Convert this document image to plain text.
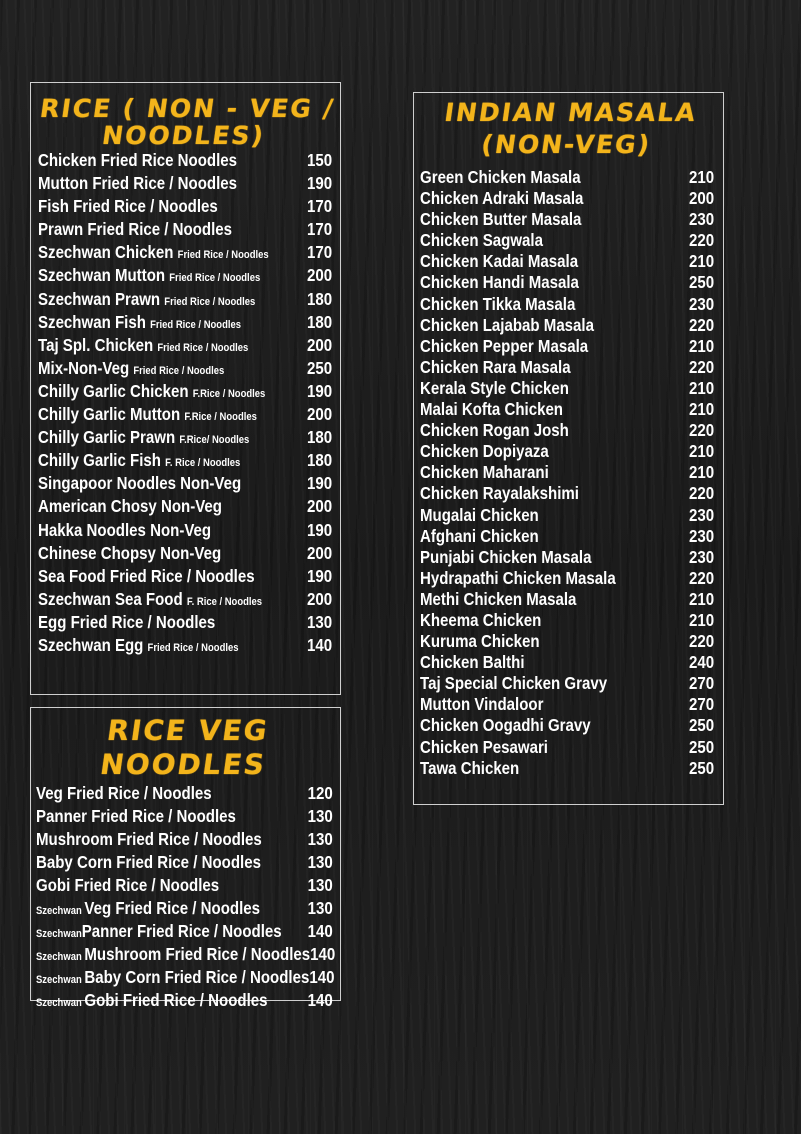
RICE ( NON - VEG /
NOODLES)
Chicken Fried Rice Noodles	150
Mutton Fried Rice / Noodles	190
Fish Fried Rice / Noodles	170
Prawn Fried Rice / Noodles	170
Szechwan Chicken Fried Rice / Noodles 170
Szechwan Mutton Fried Rice / Noodles	200
Szechwan Prawn Fried Rice / Noodles	180
Szechwan Fish Fried Rice / Noodles	180
Taj Spl. Chicken Fried Rice / Noodles	200
Mix-Non-Veg Fried Rice / Noodles	250
Chilly Garlic Chicken F.Rice / Noodles 190
Chilly Garlic Mutton F.Rice / Noodles	200
Chilly Garlic Prawn F.Rice/ Noodles	180
Chilly Garlic Fish F. Rice / Noodles	180
Singapoor Noodles Non-Veg	190
American Chosy Non-Veg	200
Hakka Noodles Non-Veg	190
Chinese Chopsy Non-Veg	200
Sea Food Fried Rice / Noodles	190
Szechwan Sea Food F. Rice / Noodles	200
Egg Fried Rice / Noodles	130
Szechwan Egg Fried Rice / Noodles	140
RICE VEG NOODLES
Veg Fried Rice / Noodles	120
Panner Fried Rice / Noodles	130
Mushroom Fried Rice / Noodles	130
Baby Corn Fried Rice / Noodles	130
Gobi Fried Rice / Noodles	130
Szechwan Veg Fried Rice / Noodles	130
SzechwanPanner Fried Rice / Noodles 140
Szechwan Mushroom Fried Rice / Noodles 140
Szechwan Baby Corn Fried Rice / Noodles 140
Szechwan Gobi Fried Rice / Noodles 140
INDIAN MASALA
(NON-VEG)
Green Chicken Masala	210
Chicken Adraki Masala	200
Chicken Butter Masala	230
Chicken Sagwala	220
Chicken Kadai Masala	210
Chicken Handi Masala	250
Chicken Tikka Masala	230
Chicken Lajabab Masala	220
Chicken Pepper Masala	210
Chicken Rara Masala	220
Kerala Style Chicken	210
Malai Kofta Chicken	210
Chicken Rogan Josh	220
Chicken Dopiyaza	210
Chicken Maharani	210
Chicken Rayalakshimi	220
Mugalai Chicken	230
Afghani Chicken	230
Punjabi Chicken Masala	230
Hydrapathi Chicken Masala	220
Methi Chicken Masala	210
Kheema Chicken	210
Kuruma Chicken	220
Chicken Balthi	240
Taj Special Chicken Gravy	270
Mutton Vindaloor	270
Chicken Oogadhi Gravy	250
Chicken Pesawari	250
Tawa Chicken	250
